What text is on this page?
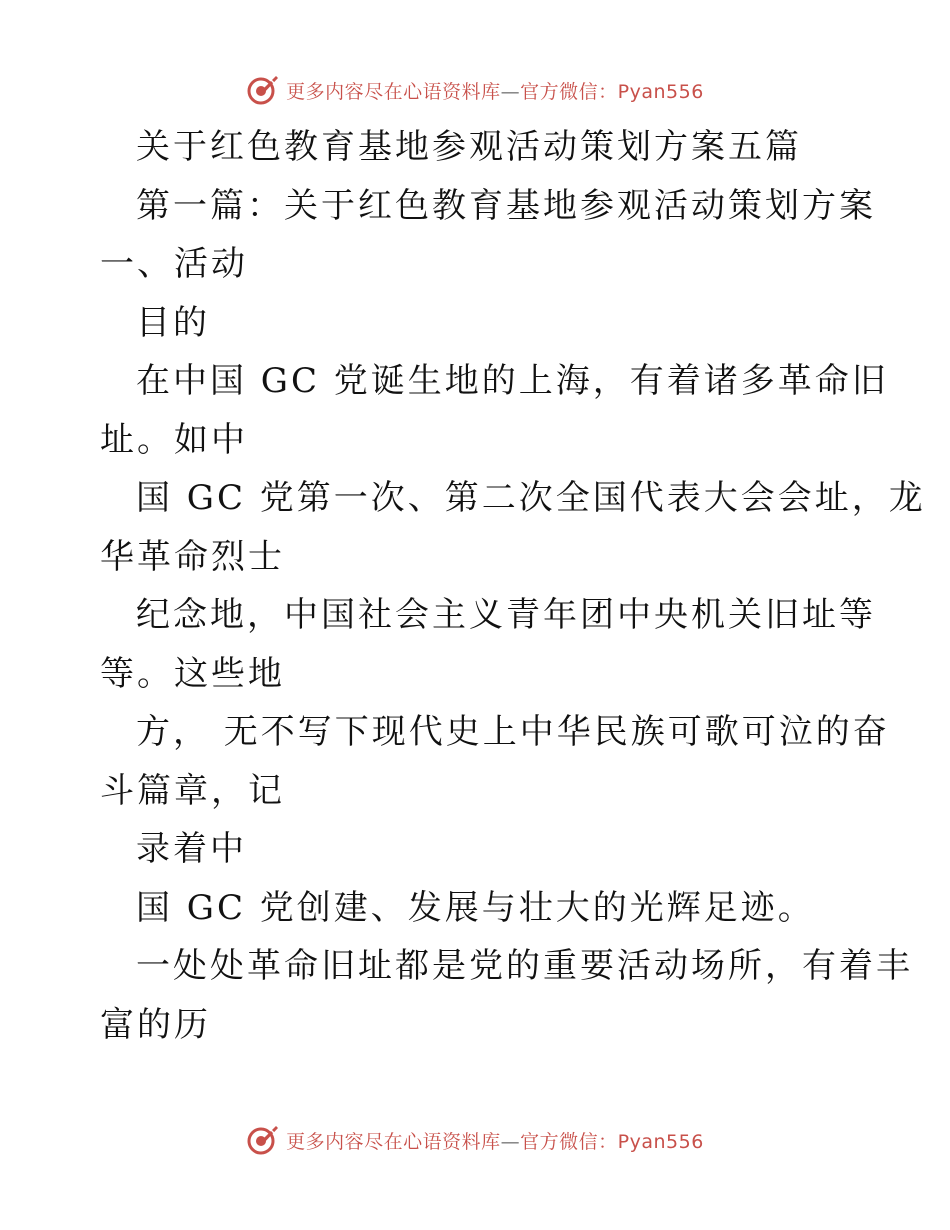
更多内容尽在心语资料库—官方微信：Pyan556
关于红色教育基地参观活动策划方案五篇
第一篇：关于红色教育基地参观活动策划方案
一、活动
目的
在中国 GC 党诞生地的上海，有着诸多革命旧
址。如中
国 GC 党第一次、第二次全国代表大会会址，龙
华革命烈士
纪念地，中国社会主义青年团中央机关旧址等
等。这些地
方， 无不写下现代史上中华民族可歌可泣的奋
斗篇章，记
录着中
国 GC 党创建、发展与壮大的光辉足迹。
一处处革命旧址都是党的重要活动场所，有着丰
富的历
更多内容尽在心语资料库—官方微信：Pyan556
